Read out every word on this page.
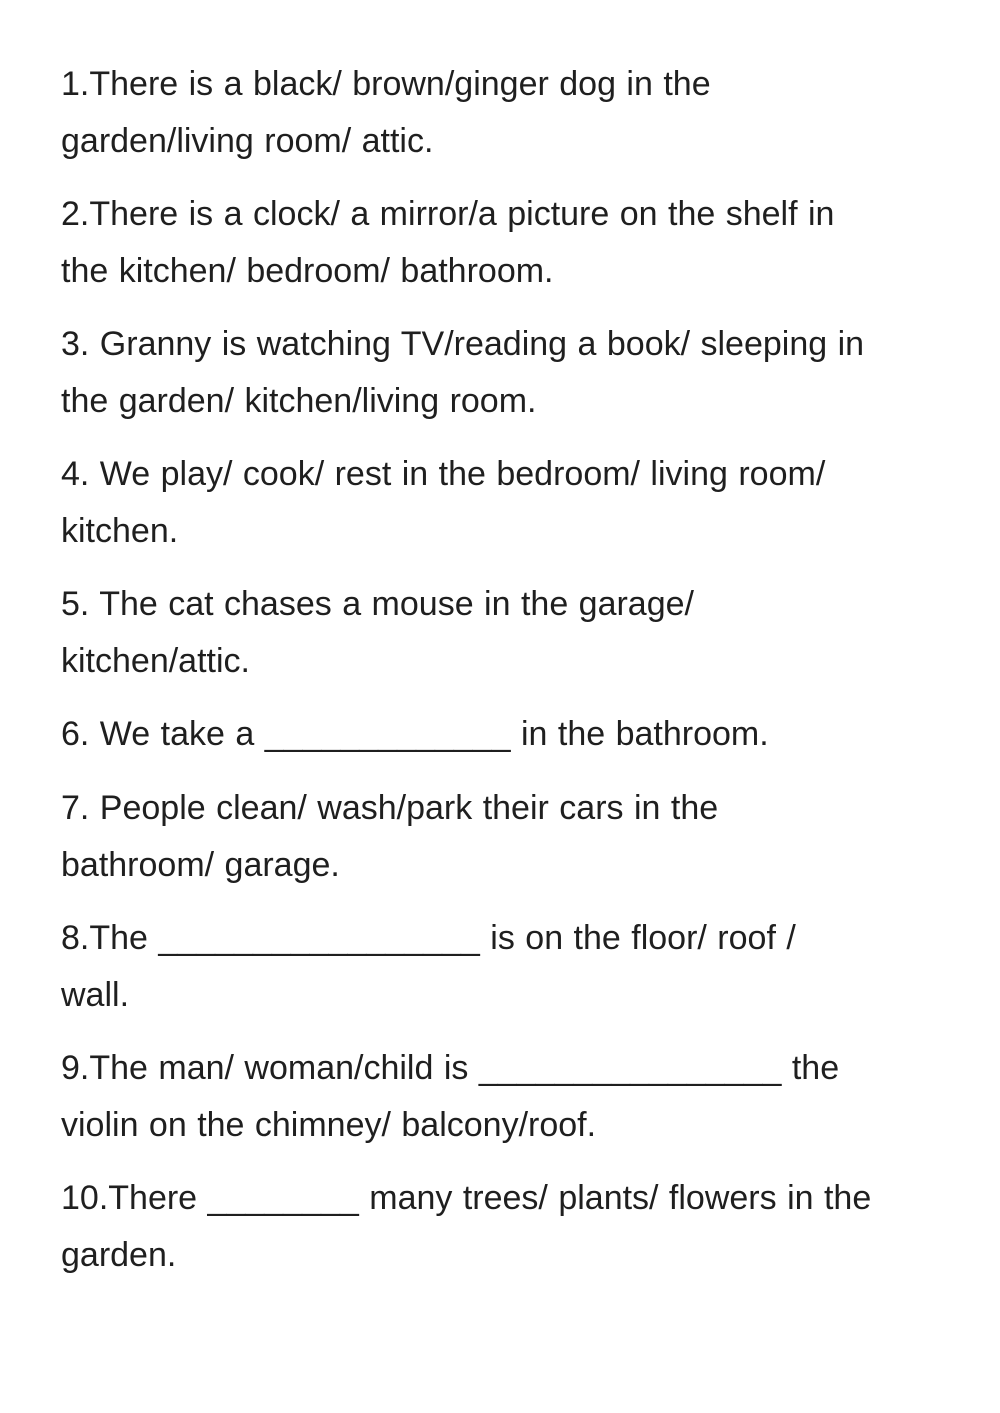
1.There is a black/ brown/ginger dog in the
garden/living room/ attic.
2.There is a clock/ a mirror/a picture on the shelf in
the kitchen/ bedroom/ bathroom.
3. Granny is watching TV/reading a book/ sleeping in
the garden/ kitchen/living room.
4. We play/ cook/ rest in the bedroom/ living room/
kitchen.
5. The cat chases a mouse in the garage/
kitchen/attic.
6. We take a _____________ in the bathroom.
7. People clean/ wash/park their cars in the
bathroom/ garage.
8.The _________________ is on the floor/ roof /
wall.
9.The man/ woman/child is ________________ the
violin on the chimney/ balcony/roof.
10.There ________ many trees/ plants/ flowers in the
garden.
